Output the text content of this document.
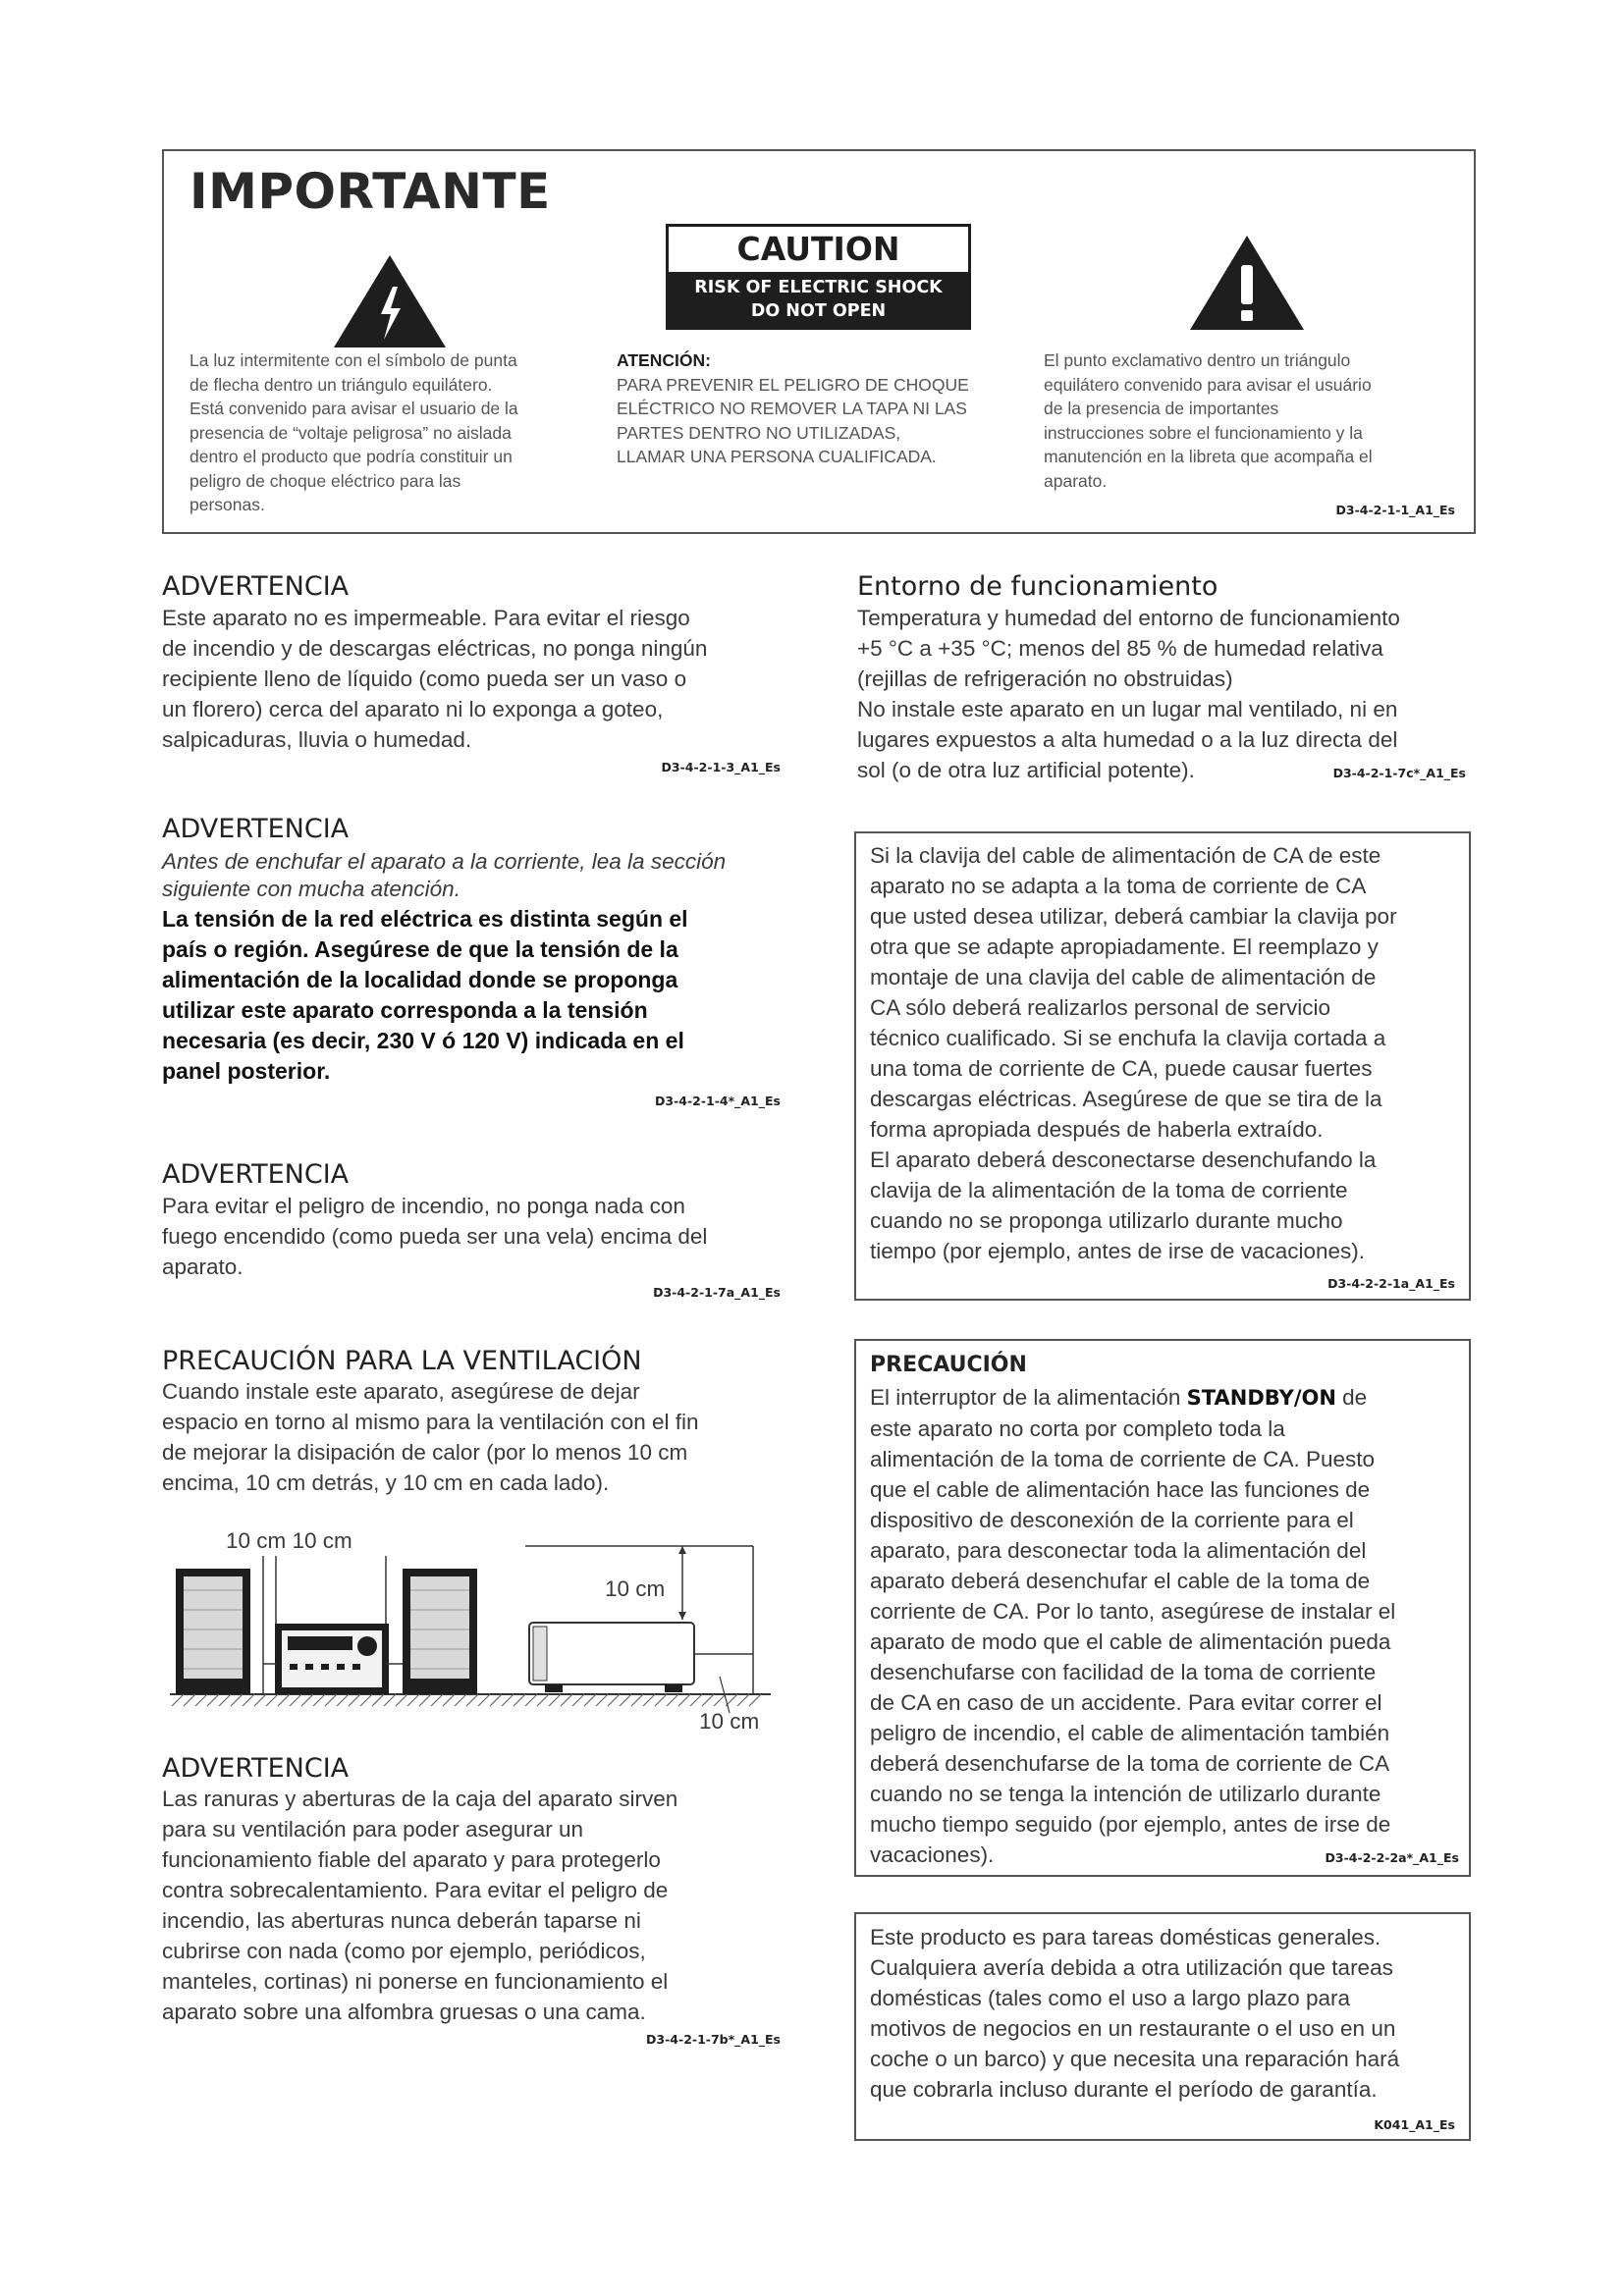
IMPORTANTE
CAUTION
RISK OF ELECTRIC SHOCK
DO NOT OPEN
La luz intermitente con el símbolo de punta
de flecha dentro un triángulo equilátero.
Está convenido para avisar el usuario de la
presencia de “voltaje peligrosa” no aislada
dentro el producto que podría constituir un
peligro de choque eléctrico para las
personas.
ATENCIÓN:
PARA PREVENIR EL PELIGRO DE CHOQUE
ELÉCTRICO NO REMOVER LA TAPA NI LAS
PARTES DENTRO NO UTILIZADAS,
LLAMAR UNA PERSONA CUALIFICADA.
El punto exclamativo dentro un triángulo
equilátero convenido para avisar el usuário
de la presencia de importantes
instrucciones sobre el funcionamiento y la
manutención en la libreta que acompaña el
aparato.
D3-4-2-1-1_A1_Es
ADVERTENCIA
Este aparato no es impermeable. Para evitar el riesgo
de incendio y de descargas eléctricas, no ponga ningún
recipiente lleno de líquido (como pueda ser un vaso o
un florero) cerca del aparato ni lo exponga a goteo,
salpicaduras, lluvia o humedad.
D3-4-2-1-3_A1_Es
ADVERTENCIA
Antes de enchufar el aparato a la corriente, lea la sección
siguiente con mucha atención.
La tensión de la red eléctrica es distinta según el
país o región. Asegúrese de que la tensión de la
alimentación de la localidad donde se proponga
utilizar este aparato corresponda a la tensión
necesaria (es decir, 230 V ó 120 V) indicada en el
panel posterior.
D3-4-2-1-4*_A1_Es
ADVERTENCIA
Para evitar el peligro de incendio, no ponga nada con
fuego encendido (como pueda ser una vela) encima del
aparato.
D3-4-2-1-7a_A1_Es
PRECAUCIÓN PARA LA VENTILACIÓN
Cuando instale este aparato, asegúrese de dejar
espacio en torno al mismo para la ventilación con el fin
de mejorar la disipación de calor (por lo menos 10 cm
encima, 10 cm detrás, y 10 cm en cada lado).
10 cm 10 cm
10 cm
10 cm
ADVERTENCIA
Las ranuras y aberturas de la caja del aparato sirven
para su ventilación para poder asegurar un
funcionamiento fiable del aparato y para protegerlo
contra sobrecalentamiento. Para evitar el peligro de
incendio, las aberturas nunca deberán taparse ni
cubrirse con nada (como por ejemplo, periódicos,
manteles, cortinas) ni ponerse en funcionamiento el
aparato sobre una alfombra gruesas o una cama.
D3-4-2-1-7b*_A1_Es
Entorno de funcionamiento
Temperatura y humedad del entorno de funcionamiento
+5 °C a +35 °C; menos del 85 % de humedad relativa
(rejillas de refrigeración no obstruidas)
No instale este aparato en un lugar mal ventilado, ni en
lugares expuestos a alta humedad o a la luz directa del
sol (o de otra luz artificial potente).	D3-4-2-1-7c*_A1_Es
Si la clavija del cable de alimentación de CA de este
aparato no se adapta a la toma de corriente de CA
que usted desea utilizar, deberá cambiar la clavija por
otra que se adapte apropiadamente. El reemplazo y
montaje de una clavija del cable de alimentación de
CA sólo deberá realizarlos personal de servicio
técnico cualificado. Si se enchufa la clavija cortada a
una toma de corriente de CA, puede causar fuertes
descargas eléctricas. Asegúrese de que se tira de la
forma apropiada después de haberla extraído.
El aparato deberá desconectarse desenchufando la
clavija de la alimentación de la toma de corriente
cuando no se proponga utilizarlo durante mucho
tiempo (por ejemplo, antes de irse de vacaciones).
D3-4-2-2-1a_A1_Es
PRECAUCIÓN
El interruptor de la alimentación STANDBY/ON de
este aparato no corta por completo toda la
alimentación de la toma de corriente de CA. Puesto
que el cable de alimentación hace las funciones de
dispositivo de desconexión de la corriente para el
aparato, para desconectar toda la alimentación del
aparato deberá desenchufar el cable de la toma de
corriente de CA. Por lo tanto, asegúrese de instalar el
aparato de modo que el cable de alimentación pueda
desenchufarse con facilidad de la toma de corriente
de CA en caso de un accidente. Para evitar correr el
peligro de incendio, el cable de alimentación también
deberá desenchufarse de la toma de corriente de CA
cuando no se tenga la intención de utilizarlo durante
mucho tiempo seguido (por ejemplo, antes de irse de
vacaciones).	D3-4-2-2-2a*_A1_Es
Este producto es para tareas domésticas generales.
Cualquiera avería debida a otra utilización que tareas
domésticas (tales como el uso a largo plazo para
motivos de negocios en un restaurante o el uso en un
coche o un barco) y que necesita una reparación hará
que cobrarla incluso durante el período de garantía.
K041_A1_Es
